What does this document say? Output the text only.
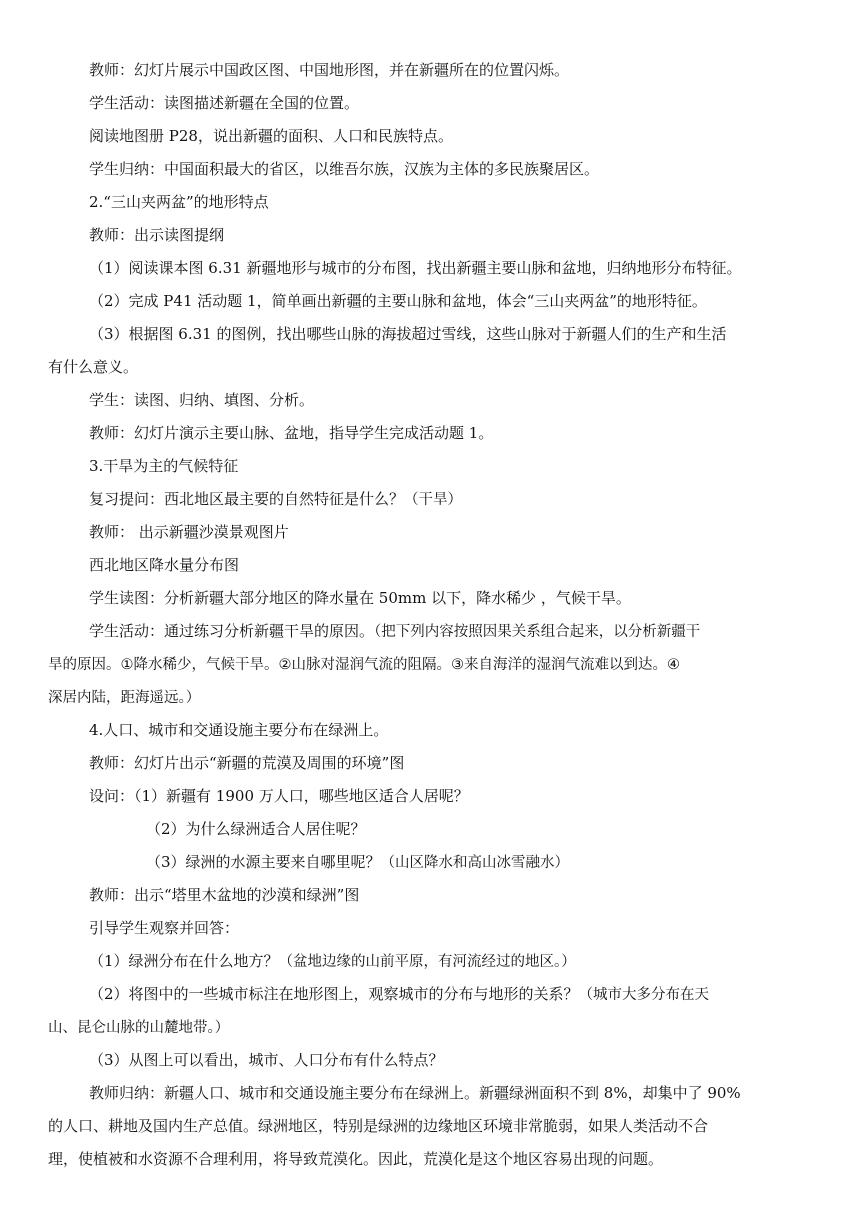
教师：幻灯片展示中国政区图、中国地形图，并在新疆所在的位置闪烁。
学生活动：读图描述新疆在全国的位置。
阅读地图册 P28，说出新疆的面积、人口和民族特点。
学生归纳：中国面积最大的省区，以维吾尔族，汉族为主体的多民族聚居区。
2.“三山夹两盆”的地形特点
教师：出示读图提纲
（1）阅读课本图 6.31 新疆地形与城市的分布图，找出新疆主要山脉和盆地，归纳地形分布特征。
（2）完成 P41 活动题 1，简单画出新疆的主要山脉和盆地，体会“三山夹两盆”的地形特征。
（3）根据图 6.31 的图例，找出哪些山脉的海拔超过雪线，这些山脉对于新疆人们的生产和生活
有什么意义。
学生：读图、归纳、填图、分析。
教师：幻灯片演示主要山脉、盆地，指导学生完成活动题 1。
3.干旱为主的气候特征
复习提问：西北地区最主要的自然特征是什么？（干旱）
教师： 出示新疆沙漠景观图片
西北地区降水量分布图
学生读图：分析新疆大部分地区的降水量在 50mm 以下，降水稀少 ，气候干旱。
学生活动：通过练习分析新疆干旱的原因。（把下列内容按照因果关系组合起来，以分析新疆干
旱的原因。①降水稀少，气候干旱。②山脉对湿润气流的阻隔。③来自海洋的湿润气流难以到达。④
深居内陆，距海遥远。）
4.人口、城市和交通设施主要分布在绿洲上。
教师：幻灯片出示“新疆的荒漠及周围的环境”图
设问：（1）新疆有 1900 万人口，哪些地区适合人居呢？
（2）为什么绿洲适合人居住呢？
（3）绿洲的水源主要来自哪里呢？（山区降水和高山冰雪融水）
教师：出示“塔里木盆地的沙漠和绿洲”图
引导学生观察并回答：
（1）绿洲分布在什么地方？（盆地边缘的山前平原，有河流经过的地区。）
（2）将图中的一些城市标注在地形图上，观察城市的分布与地形的关系？（城市大多分布在天
山、昆仑山脉的山麓地带。）
（3）从图上可以看出，城市、人口分布有什么特点？
教师归纳：新疆人口、城市和交通设施主要分布在绿洲上。新疆绿洲面积不到 8%，却集中了 90%
的人口、耕地及国内生产总值。绿洲地区，特别是绿洲的边缘地区环境非常脆弱，如果人类活动不合
理，使植被和水资源不合理利用，将导致荒漠化。因此，荒漠化是这个地区容易出现的问题。
